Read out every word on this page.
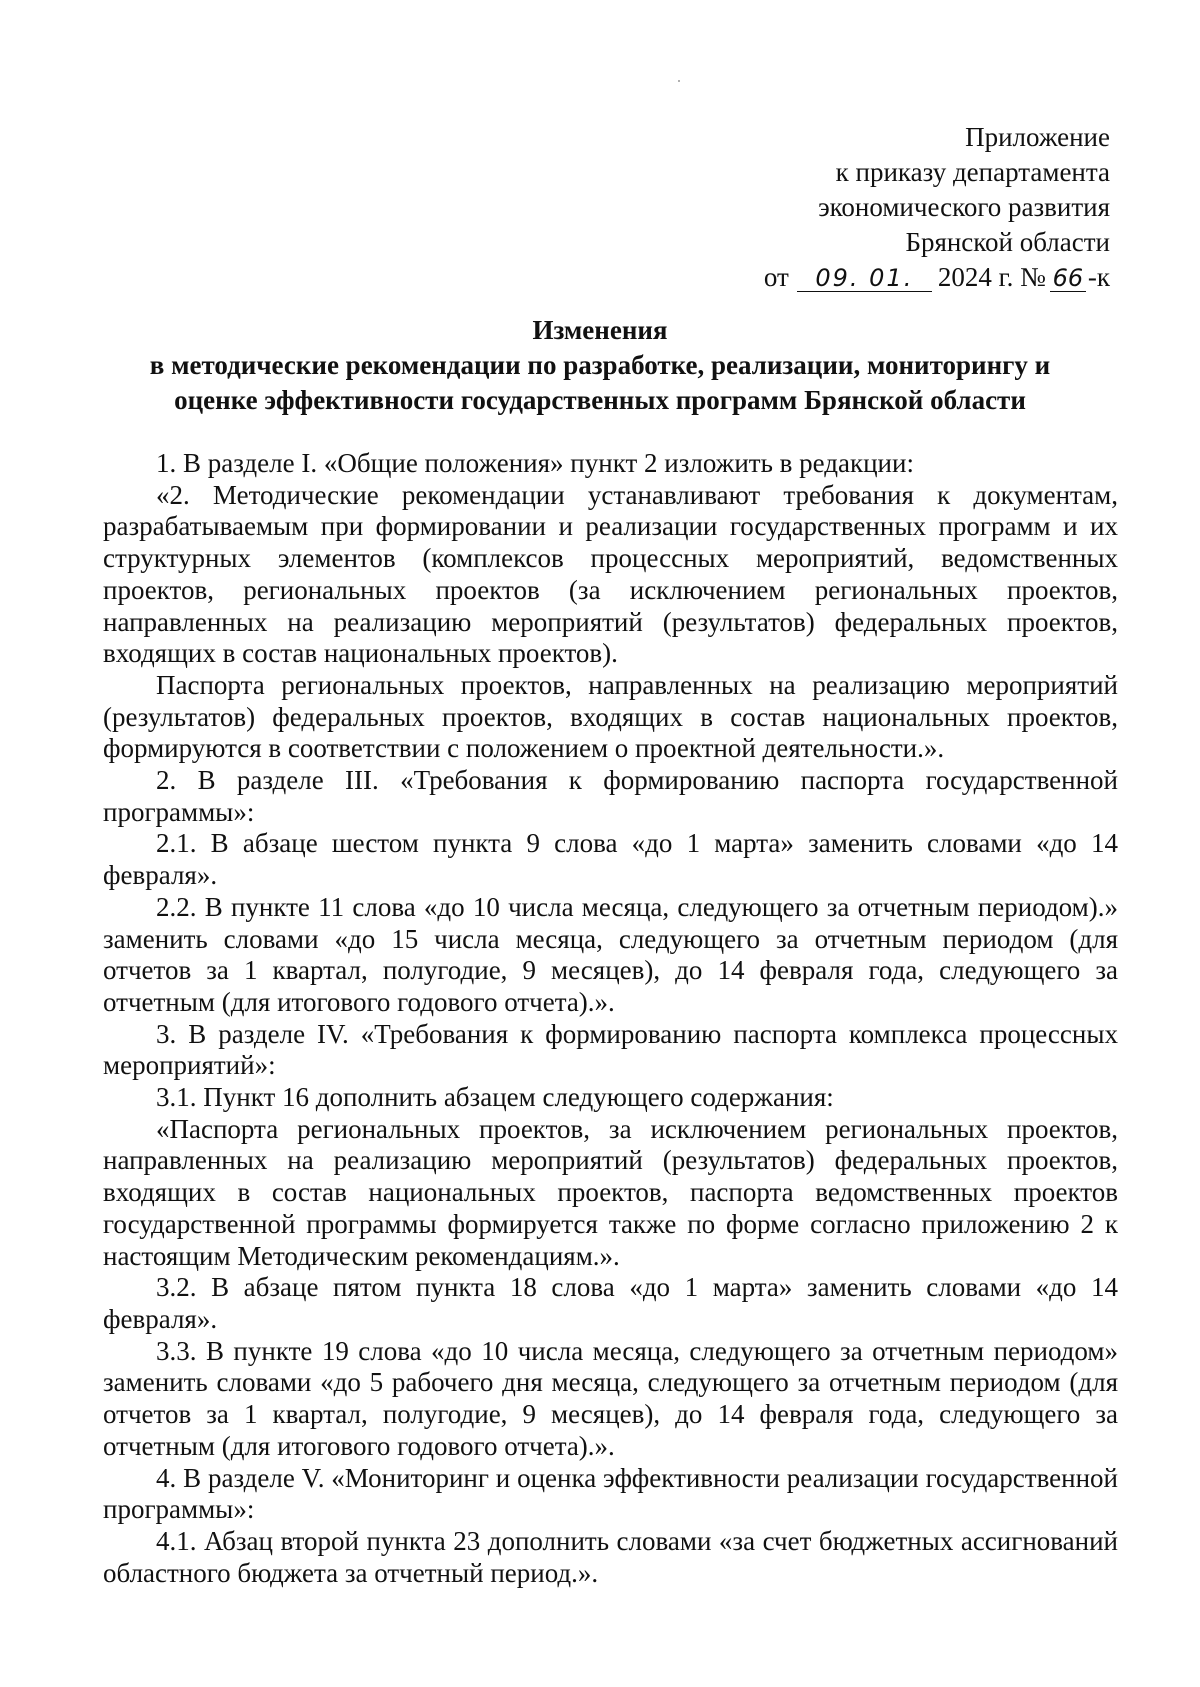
Приложение
к приказу департамента
экономического развития
Брянской области
от 09. 01. 2024 г. № 66 -к
Изменения
в методические рекомендации по разработке, реализации, мониторингу и
оценке эффективности государственных программ Брянской области

1. В разделе I. «Общие положения» пункт 2 изложить в редакции:

«2. Методические рекомендации устанавливают требования к документам, разрабатываемым при формировании и реализации государственных программ и их структурных элементов (комплексов процессных мероприятий, ведомственных проектов, региональных проектов (за исключением региональных проектов, направленных на реализацию мероприятий (результатов) федеральных проектов, входящих в состав национальных проектов).

Паспорта региональных проектов, направленных на реализацию мероприятий (результатов) федеральных проектов, входящих в состав национальных проектов, формируются в соответствии с положением о проектной деятельности.».

2. В разделе III. «Требования к формированию паспорта государственной программы»:

2.1. В абзаце шестом пункта 9 слова «до 1 марта» заменить словами «до 14 февраля».

2.2. В пункте 11 слова «до 10 числа месяца, следующего за отчетным периодом).» заменить словами «до 15 числа месяца, следующего за отчетным периодом (для отчетов за 1 квартал, полугодие, 9 месяцев), до 14 февраля года, следующего за отчетным (для итогового годового отчета).».

3. В разделе IV. «Требования к формированию паспорта комплекса процессных мероприятий»:

3.1. Пункт 16 дополнить абзацем следующего содержания:

«Паспорта региональных проектов, за исключением региональных проектов, направленных на реализацию мероприятий (результатов) федеральных проектов, входящих в состав национальных проектов, паспорта ведомственных проектов государственной программы формируется также по форме согласно приложению 2 к настоящим Методическим рекомендациям.».

3.2. В абзаце пятом пункта 18 слова «до 1 марта» заменить словами «до 14 февраля».

3.3. В пункте 19 слова «до 10 числа месяца, следующего за отчетным периодом» заменить словами «до 5 рабочего дня месяца, следующего за отчетным периодом (для отчетов за 1 квартал, полугодие, 9 месяцев), до 14 февраля года, следующего за отчетным (для итогового годового отчета).».

4. В разделе V. «Мониторинг и оценка эффективности реализации государственной программы»:

4.1. Абзац второй пункта 23 дополнить словами «за счет бюджетных ассигнований областного бюджета за отчетный период.».
